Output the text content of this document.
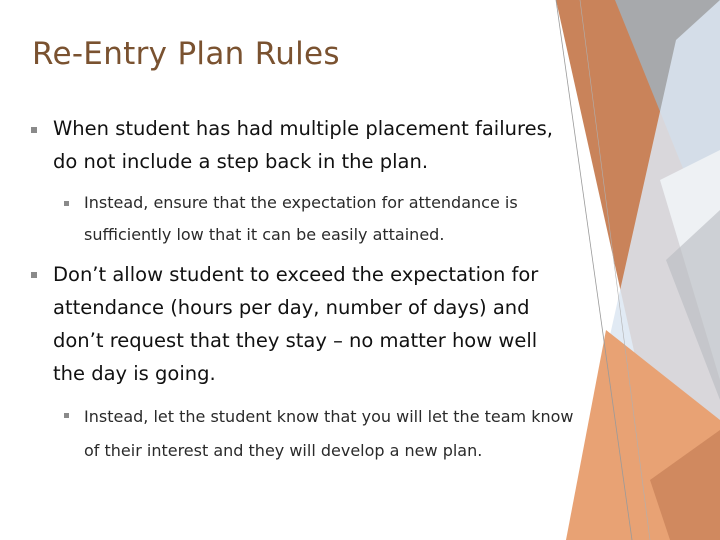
Re-Entry Plan Rules

When student has had multiple placement failures, do not include a step back in the plan.

Instead, ensure that the expectation for attendance is sufficiently low that it can be easily attained.

Don’t allow student to exceed the expectation for attendance (hours per day, number of days) and don’t request that they stay – no matter how well the day is going.

Instead, let the student know that you will let the team know of their interest and they will develop a new plan.
